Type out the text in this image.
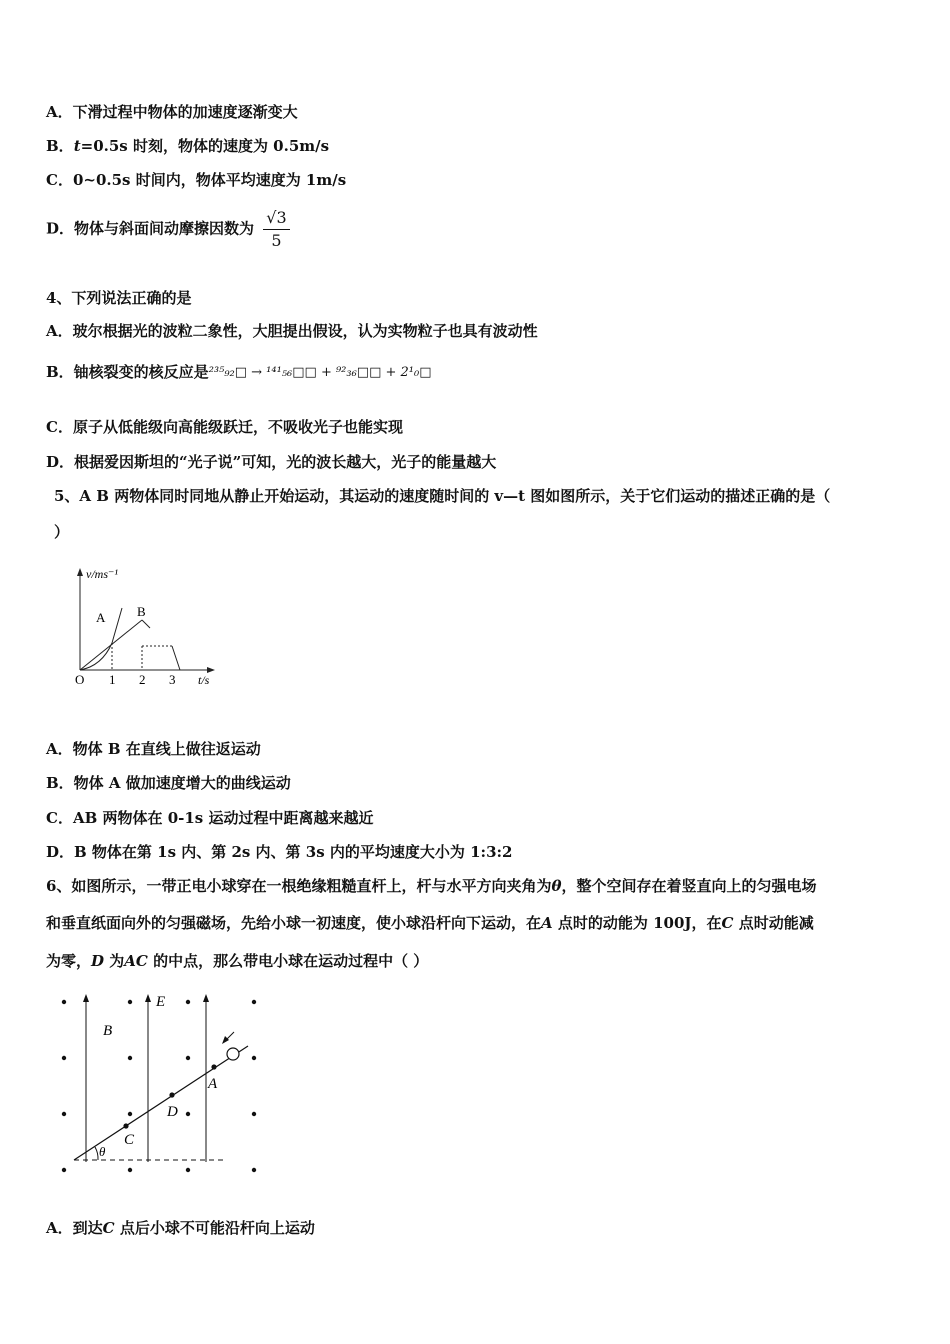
A．下滑过程中物体的加速度逐渐变大
B．t=0.5s 时刻，物体的速度为 0.5m/s
C．0~0.5s 时间内，物体平均速度为 1m/s
D．物体与斜面间动摩擦因数为 $\frac{√3}{5}$
4、下列说法正确的是
A．玻尔根据光的波粒二象性，大胆提出假设，认为实物粒子也具有波动性
B．铀核裂变的核反应是²³⁵₉₂□ → ¹⁴¹₅₆□□ + ⁹²₃₆□□ + 2¹₀□
C．原子从低能级向高能级跃迁，不吸收光子也能实现
D．根据爱因斯坦的“光子说”可知，光的波长越大，光子的能量越大
5、A B 两物体同时同地从静止开始运动，其运动的速度随时间的 v—t 图如图所示，关于它们运动的描述正确的是（
）
v/ms⁻¹
A B
O 1 2 3 t/s
A．物体 B 在直线上做往返运动
B．物体 A 做加速度增大的曲线运动
C．AB 两物体在 0-1s 运动过程中距离越来越近
D．B 物体在第 1s 内、第 2s 内、第 3s 内的平均速度大小为 1:3:2
6、如图所示，一带正电小球穿在一根绝缘粗糙直杆上，杆与水平方向夹角为θ，整个空间存在着竖直向上的匀强电场
和垂直纸面向外的匀强磁场，先给小球一初速度，使小球沿杆向下运动，在A 点时的动能为 100J，在C 点时动能减
为零，D 为AC 的中点，那么带电小球在运动过程中（ ）
E
B
A
D
C
θ
A．到达C 点后小球不可能沿杆向上运动
